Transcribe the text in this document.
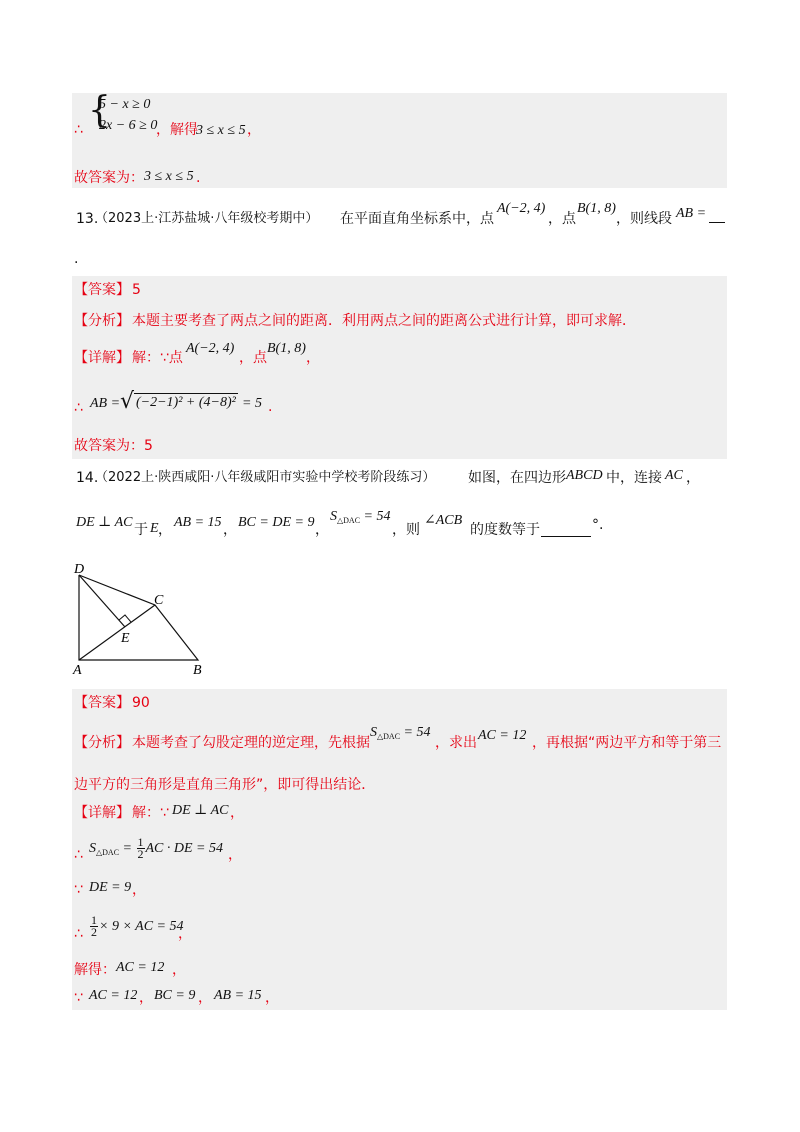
{
5 − x ≥ 0
2x − 6 ≥ 0
∴	，解得
3 ≤ x ≤ 5 ，
故答案为： 3 ≤ x ≤ 5 .
13.
（2023上·江苏盐城·八年级校考期中） 在平面直角坐标系中，点
A(−2, 4)
，点
B(1, 8)
，则线段 AB =
.
【答案】 5
【分析】 本题主要考查了两点之间的距离．利用两点之间的距离公式进行计算，即可求解．
【详解】 解：∵点
A(−2, 4)
，点
B(1, 8)
，
∴ AB = √ (−2−1)² + (4−8)² = 5 .
故答案为： 5
14.
（2022上·陕西咸阳·八年级咸阳市实验中学校考阶段练习） 如图，在四边形 ABCD 中，连接 AC ，
DE ⊥ AC 于 E ， AB = 15 ， BC = DE = 9 ，
$S_{\triangle DAC} = 54$
，则
∠ACB
的度数等于	°.
D
C
E
A	B
【答案】 90
【分析】 本题考查了勾股定理的逆定理，先根据
$S_{\triangle DAC} = 54$
，求出 AC = 12 ，再根据“两边平方和等于第三
边平方的三角形是直角三角形”，即可得出结论．
【详解】 解：∵ DE ⊥ AC ，
∴ $S_{\triangle DAC} = \frac{1}{2}$ AC · DE = 54 ，
∵ DE = 9 ，
∴ $\frac{1}{2} \times 9$ × AC = 54
，
解得： AC = 12 ，
∵ AC = 12 ， BC = 9 ， AB = 15 ，
